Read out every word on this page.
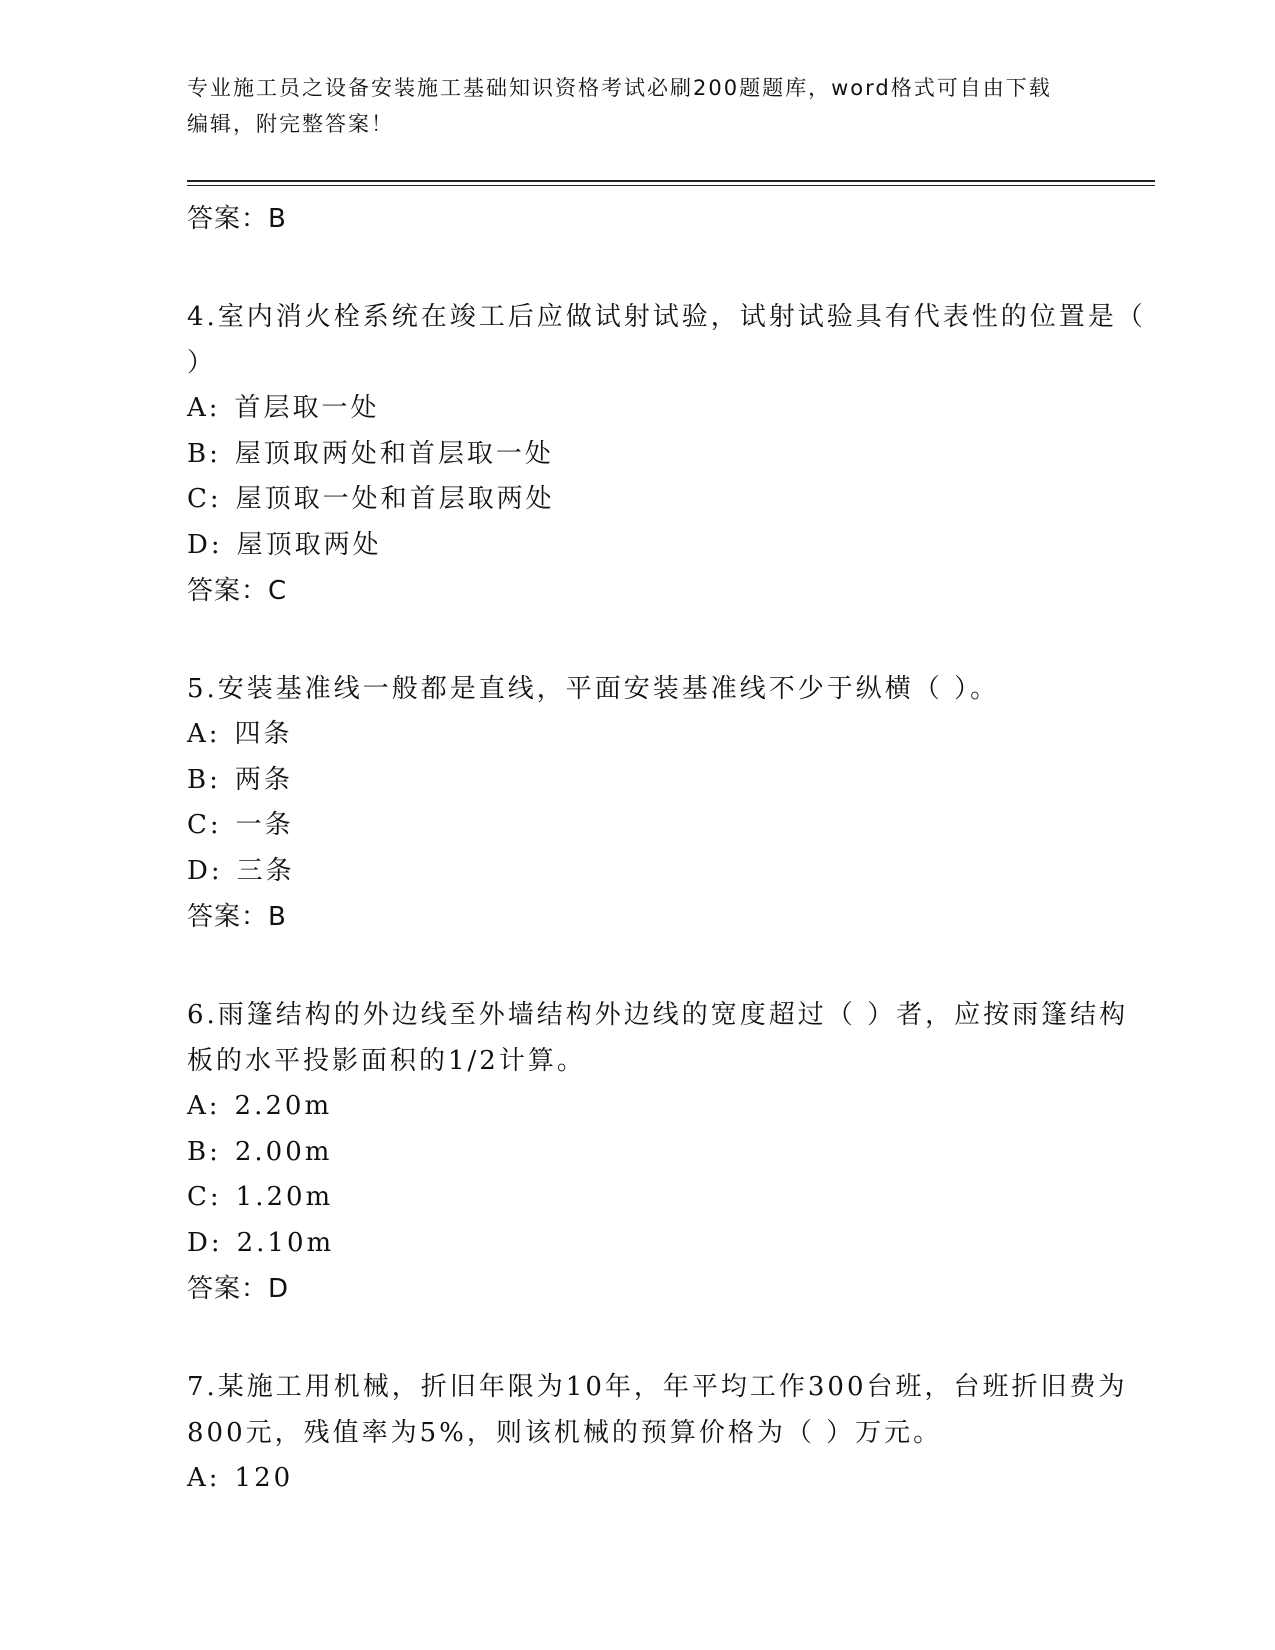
专业施工员之设备安装施工基础知识资格考试必刷200题题库，word格式可自由下载编辑，附完整答案！
答案：B
4.室内消火栓系统在竣工后应做试射试验，试射试验具有代表性的位置是（ ）
A: 首层取一处
B: 屋顶取两处和首层取一处
C: 屋顶取一处和首层取两处
D: 屋顶取两处
答案：C
5.安装基准线一般都是直线，平面安装基准线不少于纵横（ ）。
A: 四条
B: 两条
C: 一条
D: 三条
答案：B
6.雨篷结构的外边线至外墙结构外边线的宽度超过（ ）者，应按雨篷结构板的水平投影面积的1/2计算。
A: 2.20m
B: 2.00m
C: 1.20m
D: 2.10m
答案：D
7.某施工用机械，折旧年限为10年，年平均工作300台班，台班折旧费为800元，残值率为5%，则该机械的预算价格为（ ）万元。
A: 120
